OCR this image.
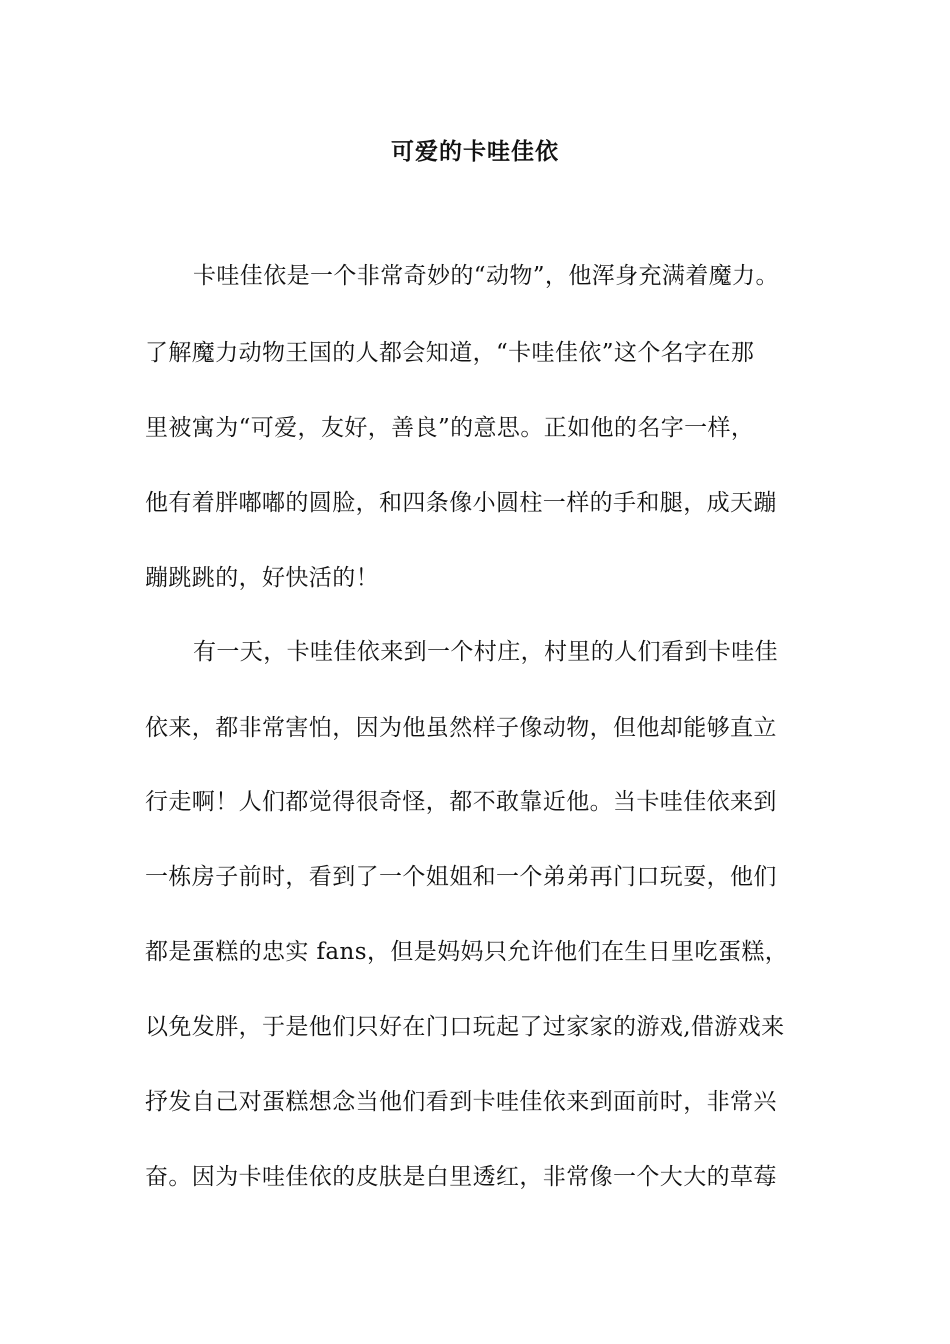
可爱的卡哇佳依
卡哇佳依是一个非常奇妙的“动物”，他浑身充满着魔力。
了解魔力动物王国的人都会知道，“卡哇佳依”这个名字在那
里被寓为“可爱，友好，善良”的意思。正如他的名字一样，
他有着胖嘟嘟的圆脸，和四条像小圆柱一样的手和腿，成天蹦
蹦跳跳的，好快活的！
有一天，卡哇佳依来到一个村庄，村里的人们看到卡哇佳
依来，都非常害怕，因为他虽然样子像动物，但他却能够直立
行走啊！人们都觉得很奇怪，都不敢靠近他。当卡哇佳依来到
一栋房子前时，看到了一个姐姐和一个弟弟再门口玩耍，他们
都是蛋糕的忠实 fans，但是妈妈只允许他们在生日里吃蛋糕，
以免发胖，于是他们只好在门口玩起了过家家的游戏,借游戏来
抒发自己对蛋糕想念当他们看到卡哇佳依来到面前时，非常兴
奋。因为卡哇佳依的皮肤是白里透红，非常像一个大大的草莓
